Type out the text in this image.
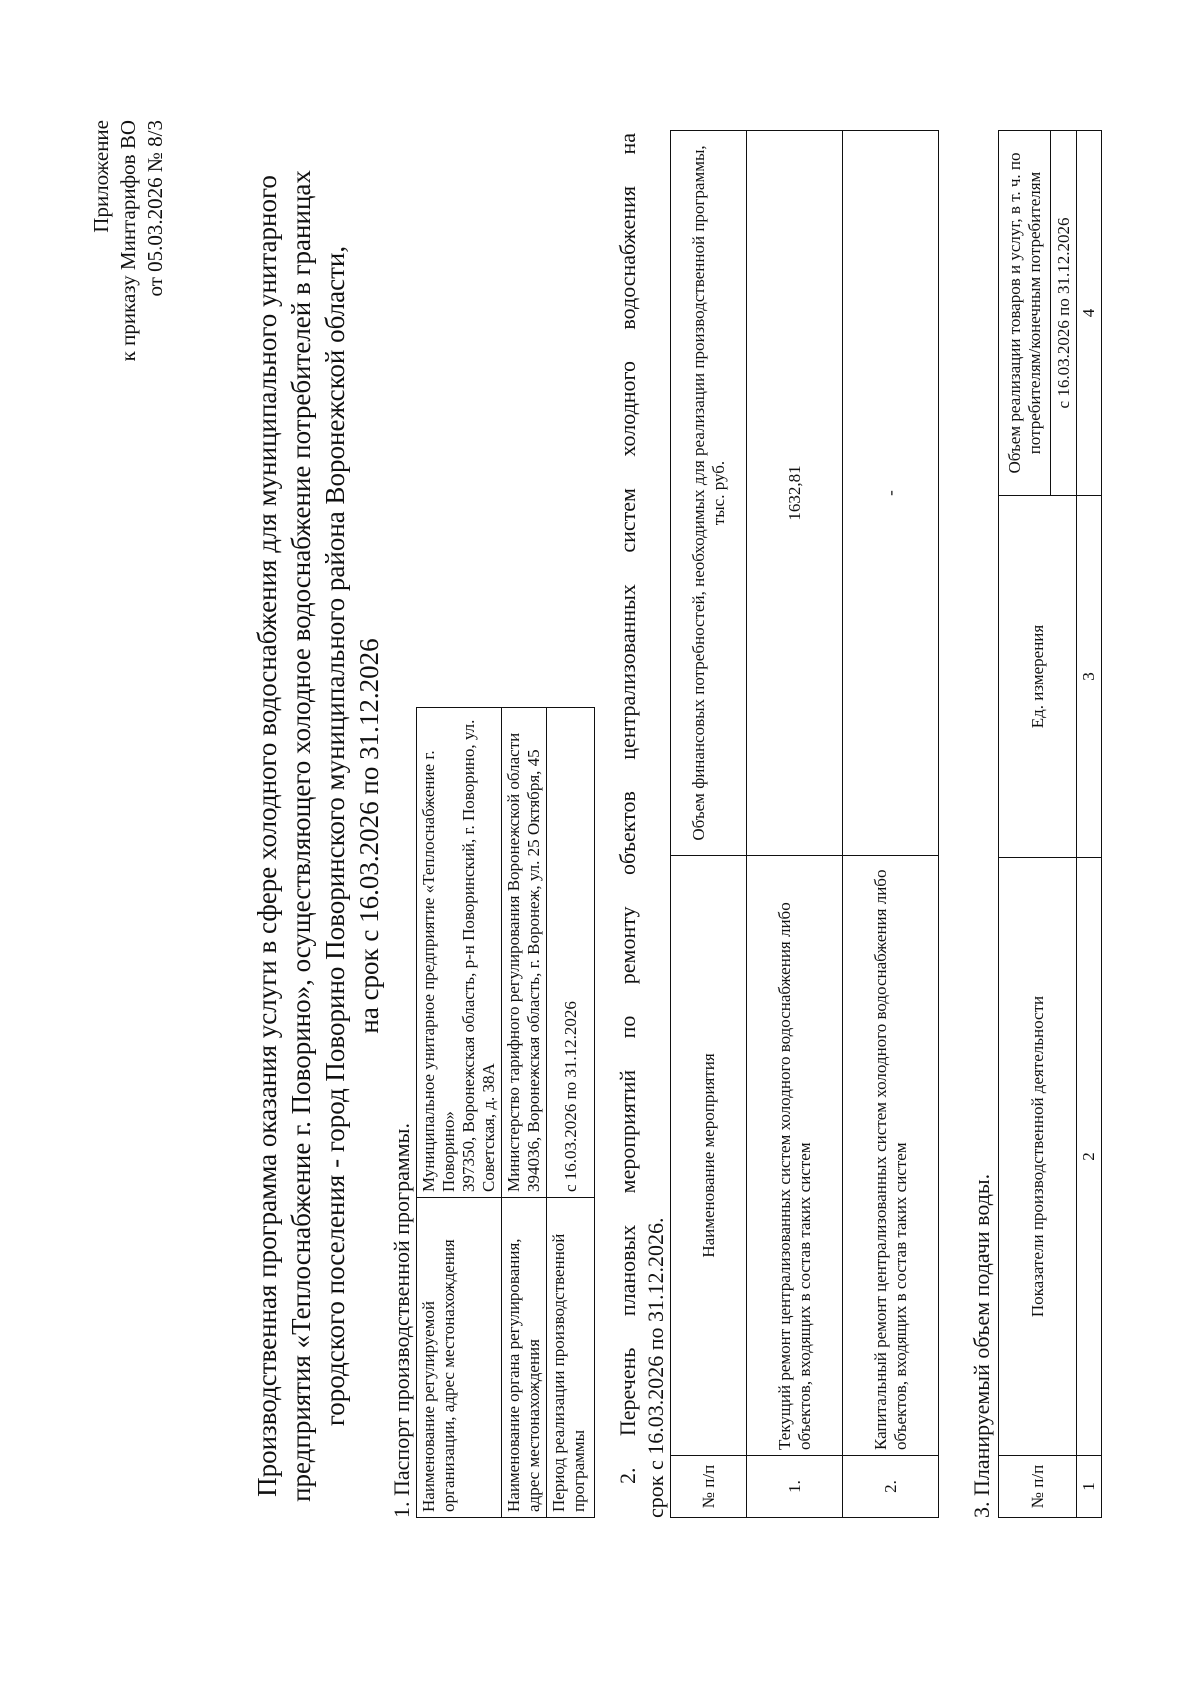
Приложение к приказу Минтарифов ВО от 05.03.2026 № 8/3	Производственная программа оказания услуги в сфере холодного водоснабжения для муниципального унитарного предприятия «Теплоснабжение г. Поворино», осуществляющего холодное водоснабжение потребителей в границах городского поселения - город Поворино Поворинского муниципального района Воронежской области, на срок с 16.03.2026 по 31.12.2026
1. Паспорт производственной программы. Наименование регулируемой организации, адрес местонахождения	Муниципальное унитарное предприятие «Теплоснабжение г. Поворино» 397350, Воронежская область, р-н Поворинский, г. Поворино, ул. Советская, д. 38А

Наименование органа регулирования, адрес местонахождения	Министерство тарифного регулирования Воронежской области 394036, Воронежская область, г. Воронеж, ул. 25 Октября, 45

Период реализации производственной программы	с 16.03.2026 по 31.12.2026 2. Перечень плановых мероприятий по ремонту объектов централизованных систем холодного водоснабжения на срок с 16.03.2026 по 31.12.2026. № п/п	Наименование мероприятия	Объем финансовых потребностей, необходимых для реализации производственной программы, тыс. руб.
1.	Текущий ремонт централизованных систем холодного водоснабжения либо объектов, входящих в состав таких систем	1632,81
2.	Капитальный ремонт централизованных систем холодного водоснабжения либо объектов, входящих в состав таких систем	-
3. Планируемый объем подачи воды. № п/п	Показатели производственной деятельности	Ед. измерения	Объем реализации товаров и услуг, в т. ч. по потребителям/конечным потребителям
			с 16.03.2026 по 31.12.2026
1	2	3	4
